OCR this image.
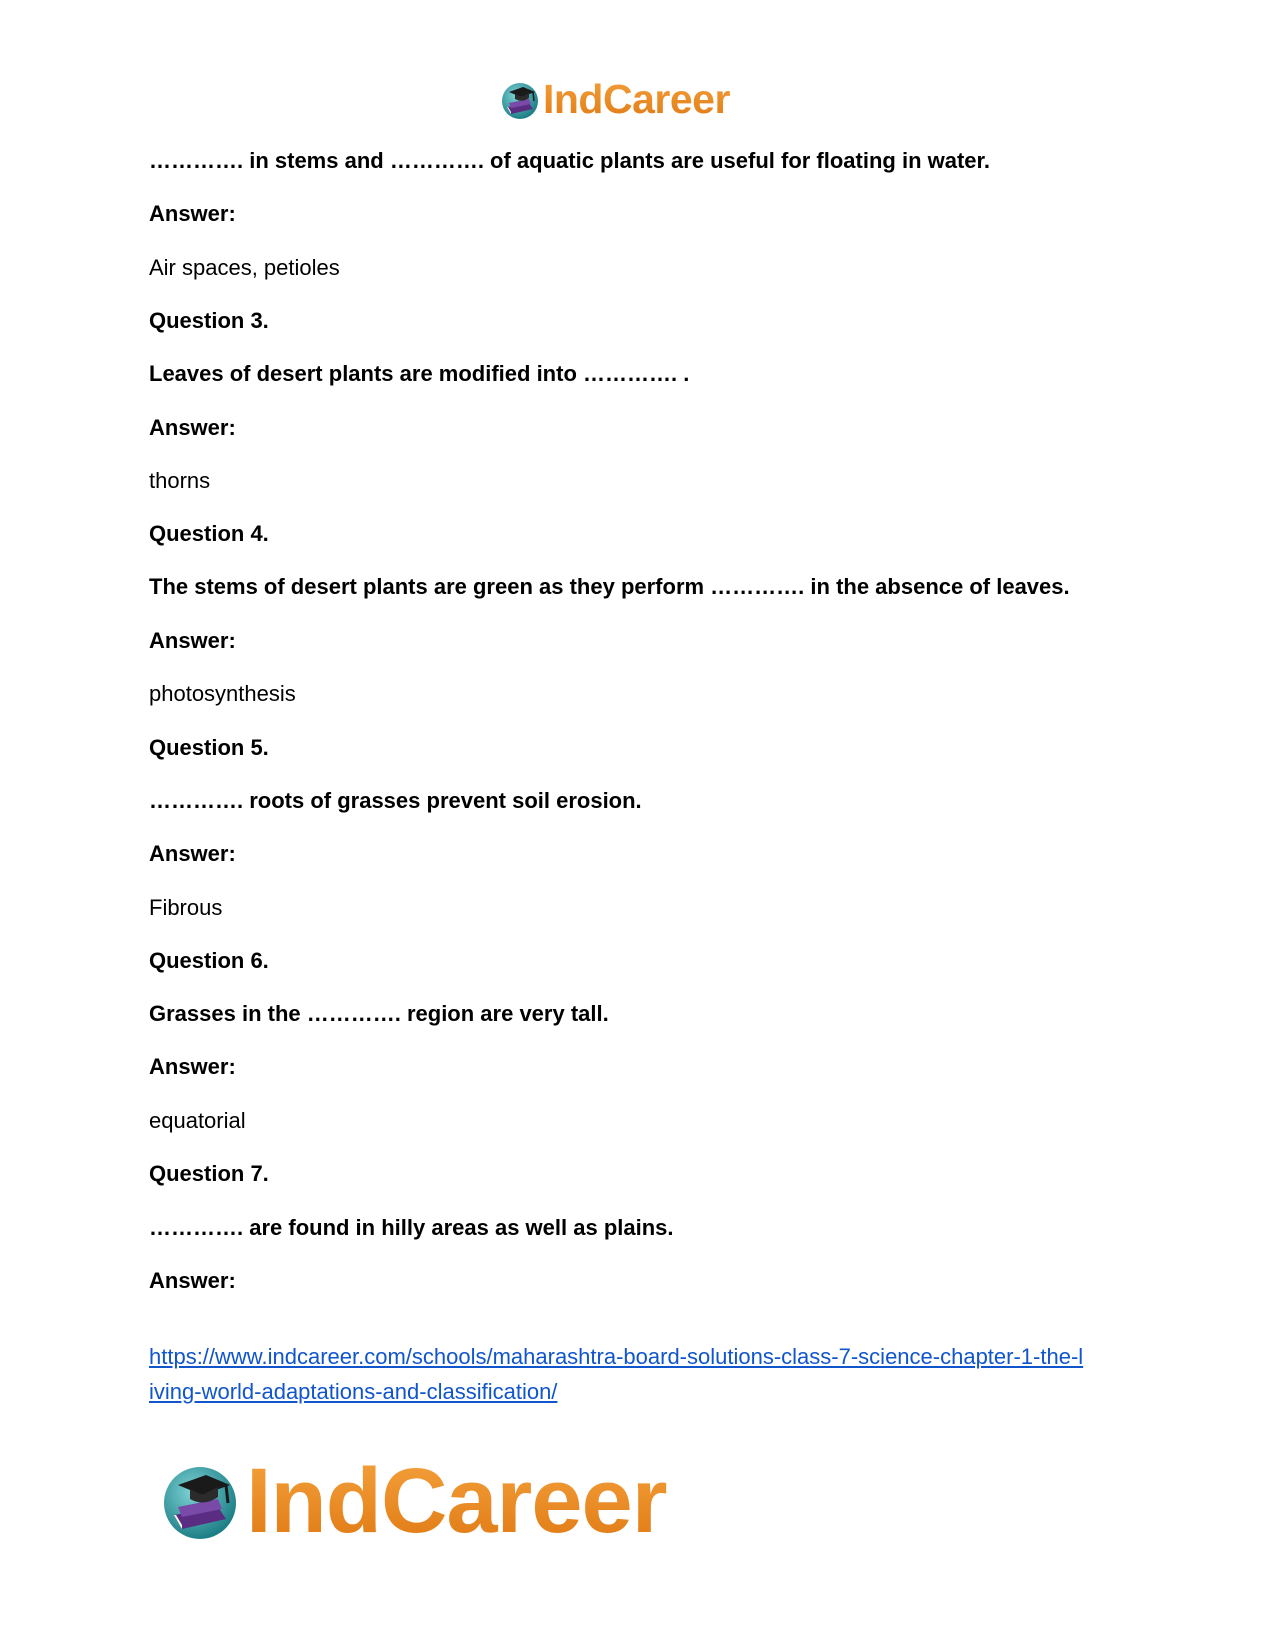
IndCareer
…………. in stems and …………. of aquatic plants are useful for floating in water.
Answer:
Air spaces, petioles
Question 3.
Leaves of desert plants are modified into …………. .
Answer:
thorns
Question 4.
The stems of desert plants are green as they perform …………. in the absence of leaves.
Answer:
photosynthesis
Question 5.
…………. roots of grasses prevent soil erosion.
Answer:
Fibrous
Question 6.
Grasses in the …………. region are very tall.
Answer:
equatorial
Question 7.
…………. are found in hilly areas as well as plains.
Answer:
https://www.indcareer.com/schools/maharashtra-board-solutions-class-7-science-chapter-1-the-l
iving-world-adaptations-and-classification/
IndCareer
